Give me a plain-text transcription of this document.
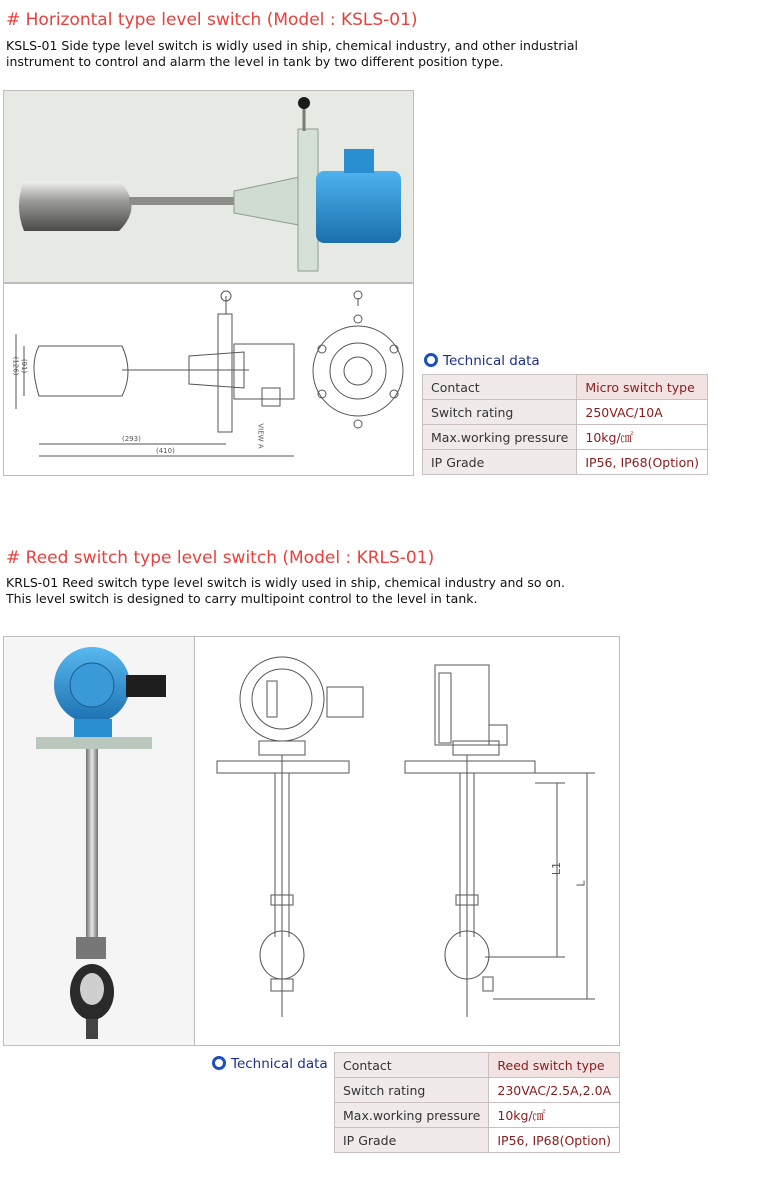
# Horizontal type level switch (Model : KSLS-01)
KSLS-01 Side type level switch is widly used in ship, chemical industry, and other industrial
instrument to control and alarm the level in tank by two different position type.
(293)
(410)
(126) (91)
VIEW A
Technical data
Contact	Micro switch type
Switch rating	250VAC/10A
Max.working pressure	10kg/㎠
IP Grade	IP56, IP68(Option)
# Reed switch type level switch (Model : KRLS-01)
KRLS-01 Reed switch type level switch is widly used in ship, chemical industry and so on.
This level switch is designed to carry multipoint control to the level in tank.
L1
L
Technical data Contact	Reed switch type
Switch rating	230VAC/2.5A,2.0A
Max.working pressure	10kg/㎠
IP Grade	IP56, IP68(Option)
